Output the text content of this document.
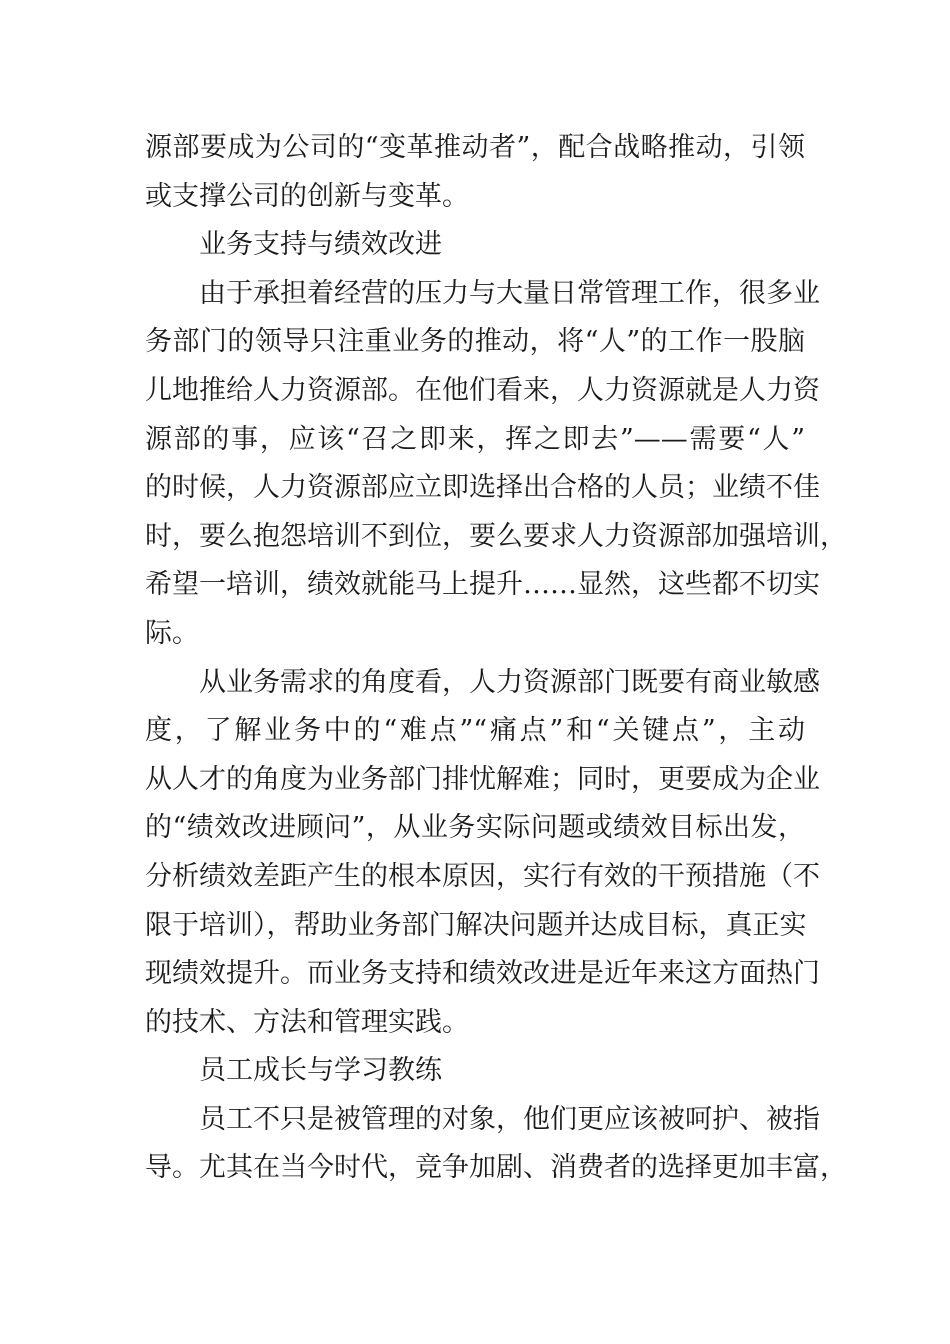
源部要成为公司的“变革推动者”，配合战略推动，引领
或支撑公司的创新与变革。
业务支持与绩效改进
由于承担着经营的压力与大量日常管理工作，很多业
务部门的领导只注重业务的推动，将“人”的工作一股脑
儿地推给人力资源部。在他们看来，人力资源就是人力资
源部的事，应该“召之即来，挥之即去”——需要“人”
的时候，人力资源部应立即选择出合格的人员；业绩不佳
时，要么抱怨培训不到位，要么要求人力资源部加强培训，
希望一培训，绩效就能马上提升……显然，这些都不切实
际。
从业务需求的角度看，人力资源部门既要有商业敏感
度，了解业务中的“难点”“痛点”和“关键点”，主动
从人才的角度为业务部门排忧解难；同时，更要成为企业
的“绩效改进顾问”，从业务实际问题或绩效目标出发，
分析绩效差距产生的根本原因，实行有效的干预措施（不
限于培训），帮助业务部门解决问题并达成目标，真正实
现绩效提升。而业务支持和绩效改进是近年来这方面热门
的技术、方法和管理实践。
员工成长与学习教练
员工不只是被管理的对象，他们更应该被呵护、被指
导。尤其在当今时代，竞争加剧、消费者的选择更加丰富，
